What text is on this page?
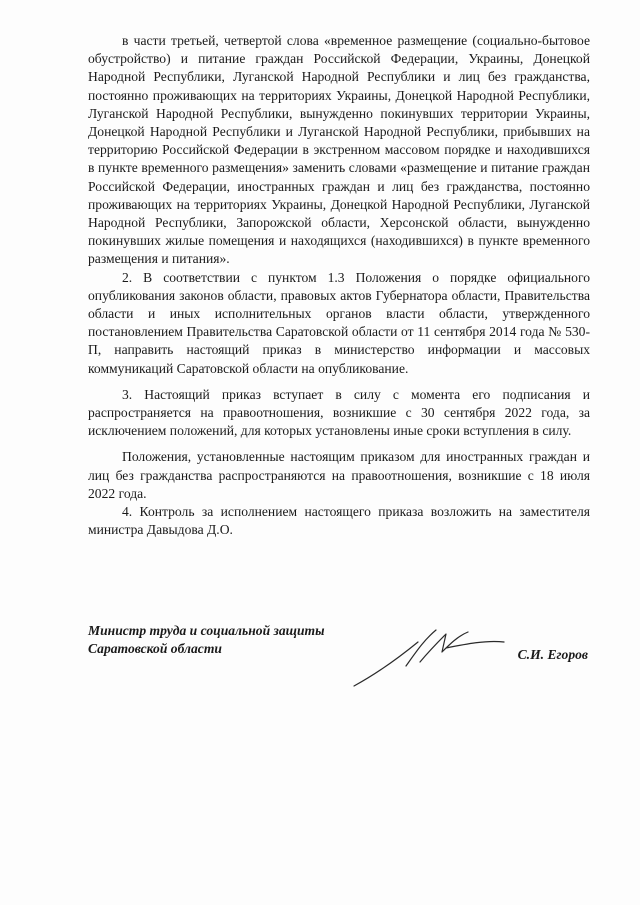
в части третьей, четвертой слова «временное размещение (социально-бытовое обустройство) и питание граждан Российской Федерации, Украины, Донецкой Народной Республики, Луганской Народной Республики и лиц без гражданства, постоянно проживающих на территориях Украины, Донецкой Народной Республики, Луганской Народной Республики, вынужденно покинувших территории Украины, Донецкой Народной Республики и Луганской Народной Республики, прибывших на территорию Российской Федерации в экстренном массовом порядке и находившихся в пункте временного размещения» заменить словами «размещение и питание граждан Российской Федерации, иностранных граждан и лиц без гражданства, постоянно проживающих на территориях Украины, Донецкой Народной Республики, Луганской Народной Республики, Запорожской области, Херсонской области, вынужденно покинувших жилые помещения и находящихся (находившихся) в пункте временного размещения и питания».

2. В соответствии с пунктом 1.3 Положения о порядке официального опубликования законов области, правовых актов Губернатора области, Правительства области и иных исполнительных органов власти области, утвержденного постановлением Правительства Саратовской области от 11 сентября 2014 года № 530-П, направить настоящий приказ в министерство информации и массовых коммуникаций Саратовской области на опубликование.

3. Настоящий приказ вступает в силу с момента его подписания и распространяется на правоотношения, возникшие с 30 сентября 2022 года, за исключением положений, для которых установлены иные сроки вступления в силу.

Положения, установленные настоящим приказом для иностранных граждан и лиц без гражданства распространяются на правоотношения, возникшие с 18 июля 2022 года.

4. Контроль за исполнением настоящего приказа возложить на заместителя министра Давыдова Д.О.

Министр труда и социальной защиты
Саратовской области	С.И. Егоров
